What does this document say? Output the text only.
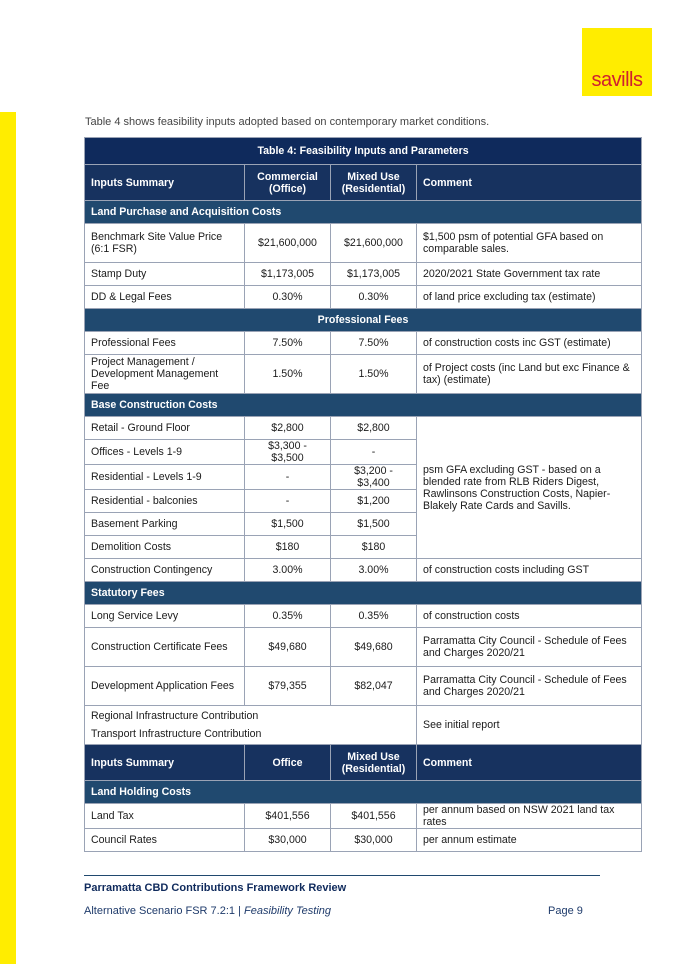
savills
Table 4 shows feasibility inputs adopted based on contemporary market conditions.
Table 4: Feasibility Inputs and Parameters			
Inputs Summary	Commercial (Office)	Mixed Use (Residential)	Comment
Land Purchase and Acquisition Costs			
Benchmark Site Value Price (6:1 FSR)	$21,600,000	$21,600,000	$1,500 psm of potential GFA based on comparable sales.
Stamp Duty	$1,173,005	$1,173,005	2020/2021 State Government tax rate
DD & Legal Fees	0.30%	0.30%	of land price excluding tax (estimate)
Professional Fees			
Professional Fees	7.50%	7.50%	of construction costs inc GST (estimate)
Project Management / Development Management Fee	1.50%	1.50%	of Project costs (inc Land but exc Finance & tax) (estimate)
Base Construction Costs			
Retail - Ground Floor	$2,800	$2,800	psm GFA excluding GST - based on a blended rate from RLB Riders Digest, Rawlinsons Construction Costs, Napier-Blakely Rate Cards and Savills.
Offices - Levels 1-9	$3,300 - $3,500	-	
Residential - Levels 1-9	-	$3,200 - $3,400	
Residential - balconies	-	$1,200	
Basement Parking	$1,500	$1,500	
Demolition Costs	$180	$180	
Construction Contingency	3.00%	3.00%	of construction costs including GST
Statutory Fees			
Long Service Levy	0.35%	0.35%	of construction costs
Construction Certificate Fees	$49,680	$49,680	Parramatta City Council - Schedule of Fees and Charges 2020/21
Development Application Fees	$79,355	$82,047	Parramatta City Council - Schedule of Fees and Charges 2020/21

Regional Infrastructure Contribution
Transport Infrastructure Contribution			See initial report
Inputs Summary	Office	Mixed Use (Residential)	Comment
Land Holding Costs			
Land Tax	$401,556	$401,556	per annum based on NSW 2021 land tax rates
Council Rates	$30,000	$30,000	per annum estimate
Parramatta CBD Contributions Framework Review
Alternative Scenario FSR 7.2:1 | Feasibility Testing	Page 9
